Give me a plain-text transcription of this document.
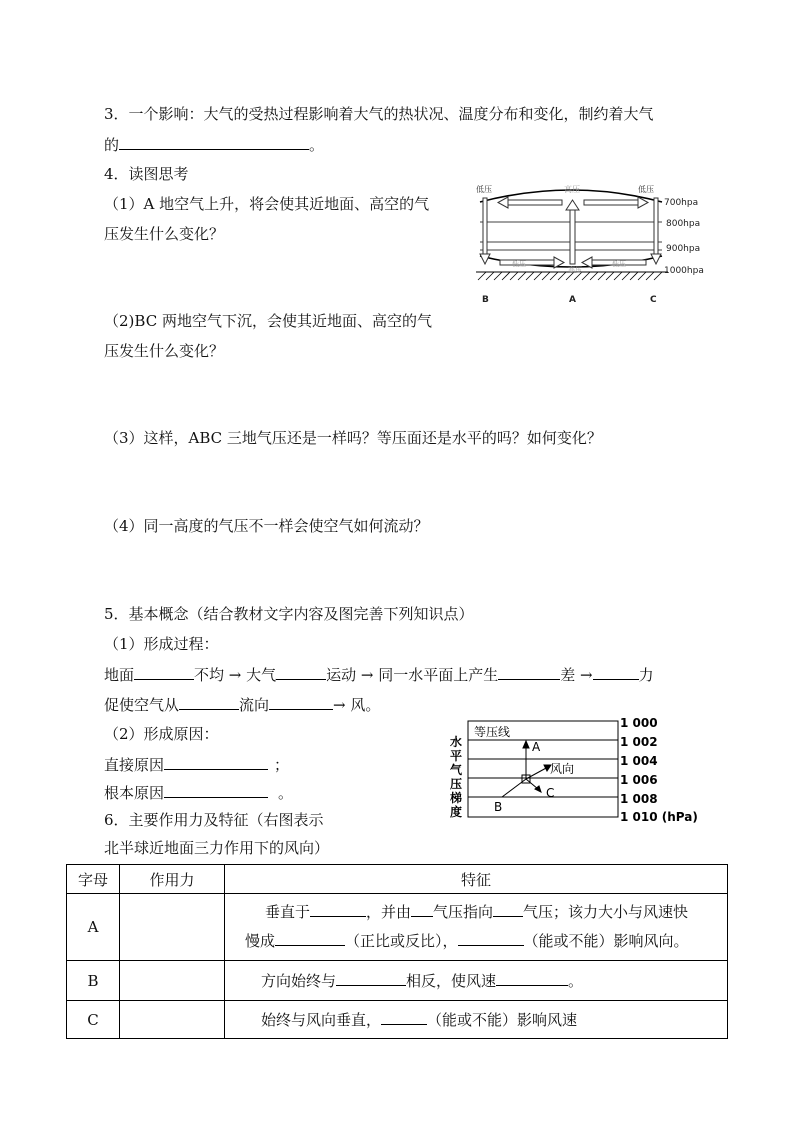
3．一个影响：大气的受热过程影响着大气的热状况、温度分布和变化，制约着大气
的	。
4．读图思考
（1）A 地空气上升，将会使其近地面、高空的气
压发生什么变化？
（2)BC 两地空气下沉，会使其近地面、高空的气
压发生什么变化？
（3）这样，ABC 三地气压还是一样吗？等压面还是水平的吗？如何变化？
（4）同一高度的气压不一样会使空气如何流动？
低压	高压	低压
低压
高压
低压
700hpa
800hpa
900hpa
1000hpa
B	A	C
5．基本概念（结合教材文字内容及图完善下列知识点）
（1）形成过程：
地面	不均 → 大气	运动 → 同一水平面上产生	差 →	力
促使空气从	流向	→ 风。
（2）形成原因：
直接原因	；
根本原因	。
6．主要作用力及特征（右图表示
北半球近地面三力作用下的风向）
等压线
水
平
气
压
梯
度
A
B
C
风向
1 000
1 002
1 004
1 006
1 008
1 010 (hPa)
字母	作用力	特征
A		垂直于 ，并由 气压指向 气压；该力大小与风速快
慢成 （正比或反比）， （能或不能）影响风向。

B		方向始终与 相反，使风速 。
C		始终与风向垂直， （能或不能）影响风速
